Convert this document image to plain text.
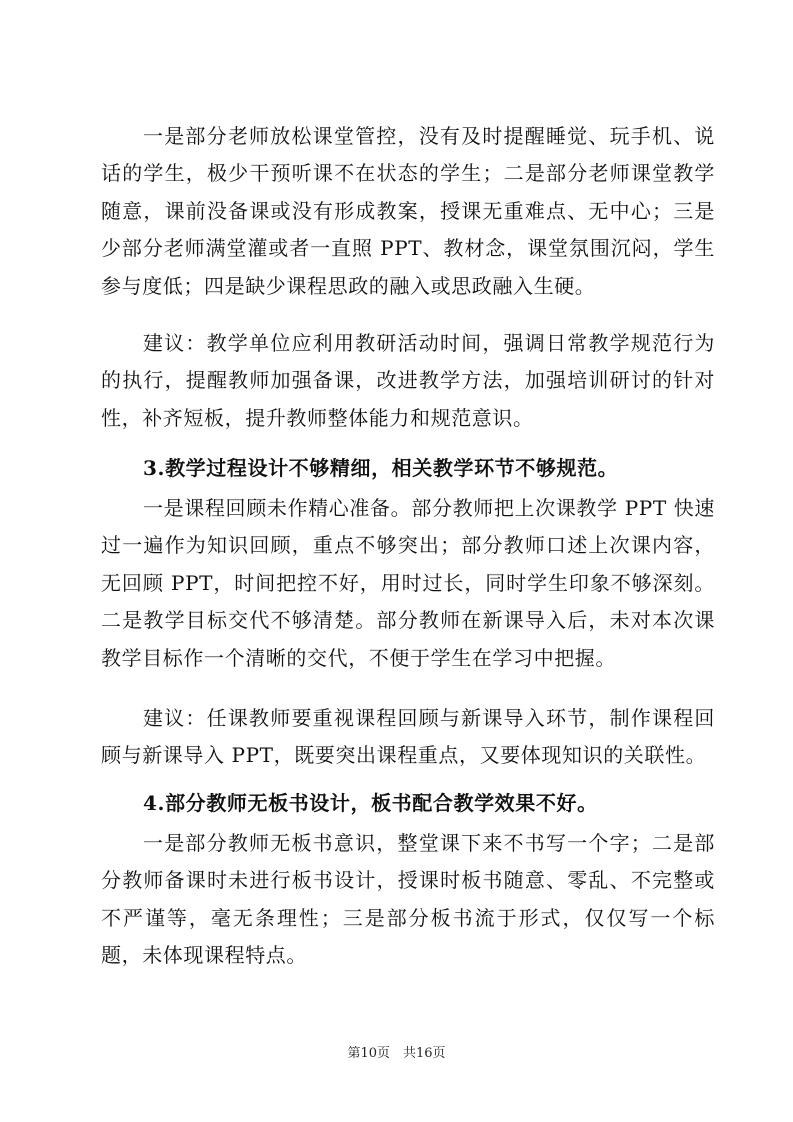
一是部分老师放松课堂管控，没有及时提醒睡觉、玩手机、说话的学生，极少干预听课不在状态的学生；二是部分老师课堂教学随意，课前没备课或没有形成教案，授课无重难点、无中心；三是少部分老师满堂灌或者一直照 PPT、教材念，课堂氛围沉闷，学生参与度低；四是缺少课程思政的融入或思政融入生硬。

建议：教学单位应利用教研活动时间，强调日常教学规范行为的执行，提醒教师加强备课，改进教学方法，加强培训研讨的针对性，补齐短板，提升教师整体能力和规范意识。

3.教学过程设计不够精细，相关教学环节不够规范。

一是课程回顾未作精心准备。部分教师把上次课教学 PPT 快速过一遍作为知识回顾，重点不够突出；部分教师口述上次课内容，无回顾 PPT，时间把控不好，用时过长，同时学生印象不够深刻。二是教学目标交代不够清楚。部分教师在新课导入后，未对本次课教学目标作一个清晰的交代，不便于学生在学习中把握。

建议：任课教师要重视课程回顾与新课导入环节，制作课程回顾与新课导入 PPT，既要突出课程重点，又要体现知识的关联性。

4.部分教师无板书设计，板书配合教学效果不好。

一是部分教师无板书意识，整堂课下来不书写一个字；二是部分教师备课时未进行板书设计，授课时板书随意、零乱、不完整或不严谨等，毫无条理性；三是部分板书流于形式，仅仅写一个标题，未体现课程特点。

第10页　共16页
